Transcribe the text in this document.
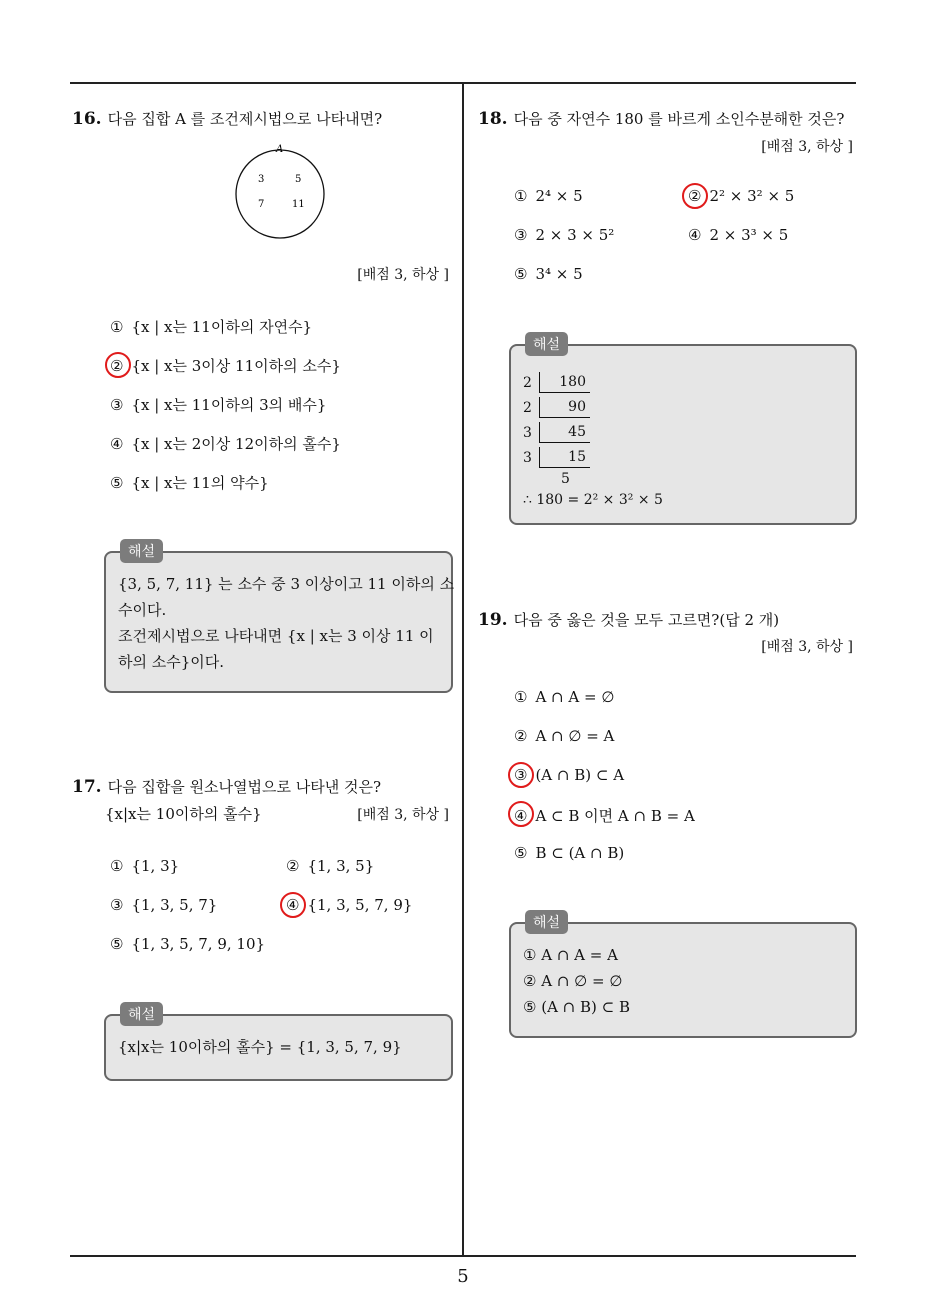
5
16. 다음 집합 A 를 조건제시법으로 나타내면?
A
3	5
7	11
[배점 3, 하상 ]
① {x | x는 11이하의 자연수}
② {x | x는 3이상 11이하의 소수}
③ {x | x는 11이하의 3의 배수}
④ {x | x는 2이상 12이하의 홀수}
⑤ {x | x는 11의 약수}
해설
{3, 5, 7, 11} 는 소수 중 3 이상이고 11 이하의 소
수이다.
조건제시법으로 나타내면 {x | x는 3 이상 11 이
하의 소수}이다.
17. 다음 집합을 원소나열법으로 나타낸 것은?
{x|x는 10이하의 홀수}	[배점 3, 하상 ]
① {1, 3}	② {1, 3, 5}
③ {1, 3, 5, 7}	④ {1, 3, 5, 7, 9}
⑤ {1, 3, 5, 7, 9, 10}
해설
{x|x는 10이하의 홀수} = {1, 3, 5, 7, 9}
18. 다음 중 자연수 180 를 바르게 소인수분해한 것은?
[배점 3, 하상 ]
① 2⁴ × 5	② 2² × 3² × 5
③ 2 × 3 × 5²	④ 2 × 3³ × 5
⑤ 3⁴ × 5
해설
2	180
2	90
3	45
3	15
5
∴ 180 = 2² × 3² × 5
19. 다음 중 옳은 것을 모두 고르면?(답 2 개)
[배점 3, 하상 ]
① A ∩ A = ∅
② A ∩ ∅ = A
③ (A ∩ B) ⊂ A
④ A ⊂ B 이면 A ∩ B = A
⑤ B ⊂ (A ∩ B)
해설
① A ∩ A = A
② A ∩ ∅ = ∅
⑤ (A ∩ B) ⊂ B
